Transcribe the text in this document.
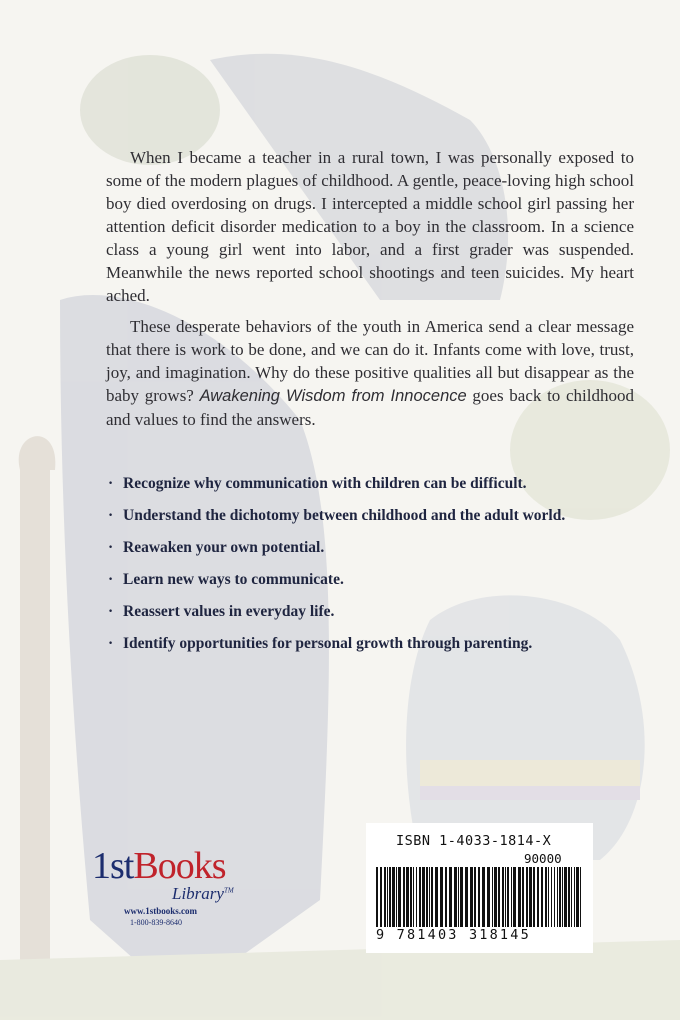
When I became a teacher in a rural town, I was personally exposed to some of the modern plagues of childhood. A gentle, peace-loving high school boy died overdosing on drugs. I intercepted a middle school girl passing her attention deficit disorder medication to a boy in the classroom. In a science class a young girl went into labor, and a first grader was suspended. Meanwhile the news reported school shootings and teen suicides. My heart ached.

These desperate behaviors of the youth in America send a clear message that there is work to be done, and we can do it. Infants come with love, trust, joy, and imagination. Why do these positive qualities all but disappear as the baby grows? Awakening Wisdom from Innocence goes back to childhood and values to find the answers.

· Recognize why communication with children can be difficult.
· Understand the dichotomy between childhood and the adult world.
· Reawaken your own potential.
· Learn new ways to communicate.
· Reassert values in everyday life.
· Identify opportunities for personal growth through parenting.
1stBooks
Library™
www.1stbooks.com
1-800-839-8640
ISBN 1-4033-1814-X
90000
9 781403 318145
